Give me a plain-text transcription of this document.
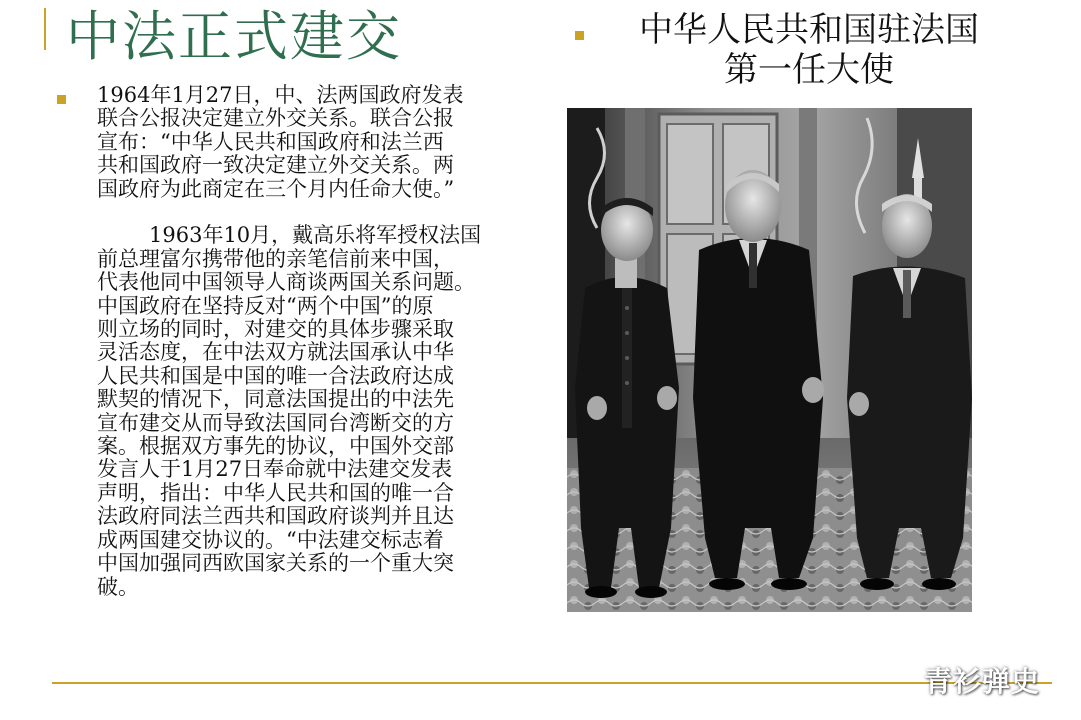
中法正式建交	中华人民共和国驻法国
第一任大使

1964年1月27日，中、法两国政府发表
联合公报决定建立外交关系。联合公报
宣布：“中华人民共和国政府和法兰西
共和国政府一致决定建立外交关系。两
国政府为此商定在三个月内任命大使。”

1963年10月，戴高乐将军授权法国
前总理富尔携带他的亲笔信前来中国，
代表他同中国领导人商谈两国关系问题。
中国政府在坚持反对“两个中国”的原
则立场的同时，对建交的具体步骤采取
灵活态度，在中法双方就法国承认中华
人民共和国是中国的唯一合法政府达成
默契的情况下，同意法国提出的中法先
宣布建交从而导致法国同台湾断交的方
案。根据双方事先的协议，中国外交部
发言人于1月27日奉命就中法建交发表
声明，指出：中华人民共和国的唯一合
法政府同法兰西共和国政府谈判并且达
成两国建交协议的。“中法建交标志着
中国加强同西欧国家关系的一个重大突
破。

青衫弹史
